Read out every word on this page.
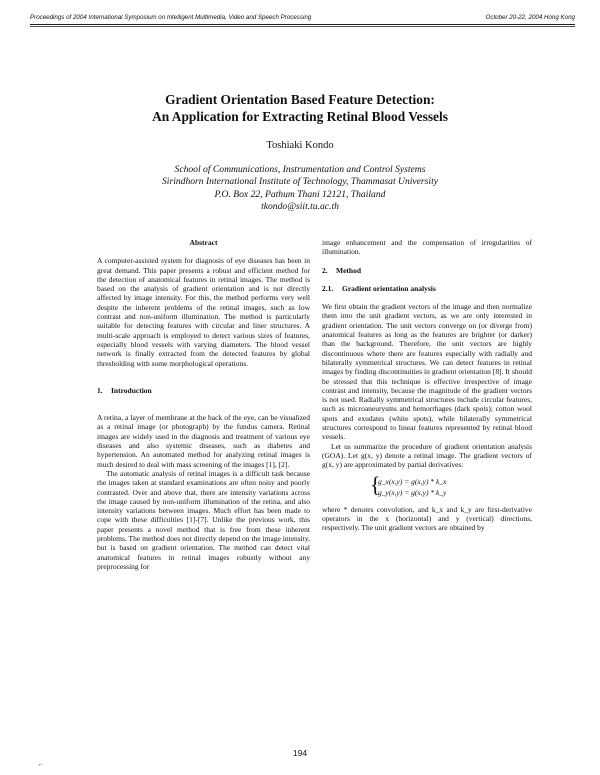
Proceedings of 2004 International Symposium on Intelligent Multimedia, Video and Speech Processing	October 20-22, 2004 Hong Kong
Gradient Orientation Based Feature Detection:
An Application for Extracting Retinal Blood Vessels
Toshiaki Kondo
School of Communications, Instrumentation and Control Systems
Sirindhorn International Institute of Technology, Thammasat University
P.O. Box 22, Pathum Thani 12121, Thailand
tkondo@siit.tu.ac.th
Abstract

A computer-assisted system for diagnosis of eye diseases has been in great demand. This paper presents a robust and efficient method for the detection of anatomical features in retinal images. The method is based on the analysis of gradient orientation and is not directly affected by image intensity. For this, the method performs very well despite the inherent problems of the retinal images, such as low contrast and non-uniform illumination. The method is particularly suitable for detecting features with circular and liner structures. A multi-scale approach is employed to detect various sizes of features, especially blood vessels with varying diameters. The blood vessel network is finally extracted from the detected features by global thresholding with some morphological operations.

1. Introduction

A retina, a layer of membrane at the back of the eye, can be visualized as a retinal image (or photograph) by the fundus camera. Retinal images are widely used in the diagnosis and treatment of various eye diseases and also systemic diseases, such as diabetes and hypertension. An automated method for analyzing retinal images is much desired to deal with mass screening of the images [1], [2].

The automatic analysis of retinal images is a difficult task because the images taken at standard examinations are often noisy and poorly contrasted. Over and above that, there are intensity variations across the image caused by non-uniform illumination of the retina, and also intensity variations between images. Much effort has been made to cope with these difficulties [1]-[7]. Unlike the previous work, this paper presents a novel method that is free from these inherent problems. The method does not directly depend on the image intensity, but is based on gradient orientation. The method can detect vital anatomical features in retinal images robustly without any preprocessing for

image enhancement and the compensation of irregularities of illumination.

2. Method
2.1. Gradient orientation analysis

We first obtain the gradient vectors of the image and then normalize them into the unit gradient vectors, as we are only interested in gradient orientation. The unit vectors converge on (or diverge from) anatomical features as long as the features are brighter (or darker) than the background. Therefore, the unit vectors are highly discontinuous where there are features especially with radially and bilaterally symmetrical structures. We can detect features in retinal images by finding discontinuities in gradient orientation [8]. It should be stressed that this technique is effective irrespective of image contrast and intensity, because the magnitude of the gradient vectors is not used. Radially symmetrical structures include circular features, such as microaneurysms and hemorrhages (dark spots); cotton wool spots and exudates (white spots), while bilaterally symmetrical structures correspond to linear features represented by retinal blood vessels.

Let us summarize the procedure of gradient orientation analysis (GOA). Let g(x, y) denote a retinal image. The gradient vectors of g(x, y) are approximated by partial derivatives:

{
g_x(x,y) = g(x,y) * k_x
g_y(x,y) = g(x,y) * k_y

where * denotes convolution, and k_x and k_y are first-derivative operators in the x (horizontal) and y (vertical) directions, respectively. The unit gradient vectors are obtained by

194
‚.
